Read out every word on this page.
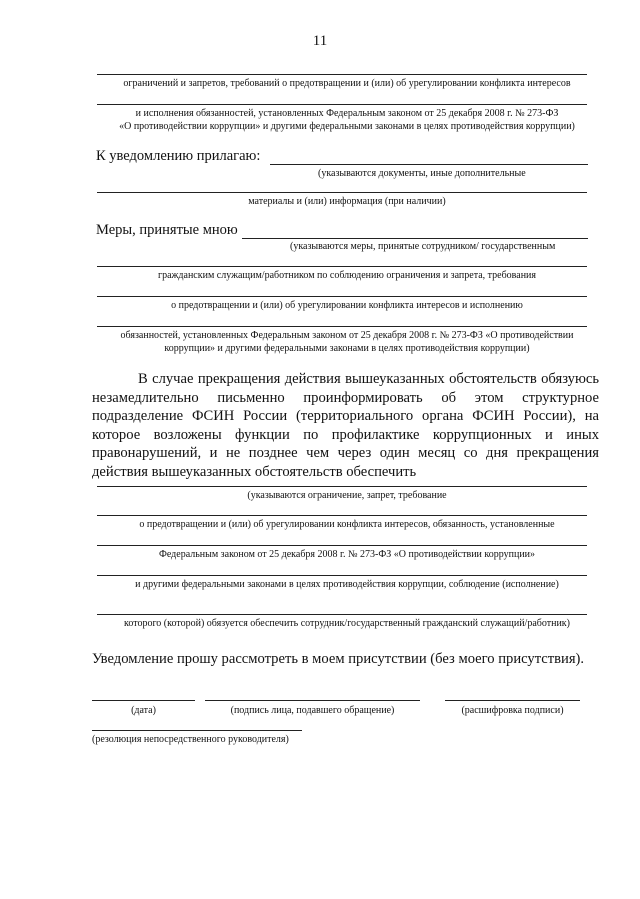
11
ограничений и запретов, требований о предотвращении и (или) об урегулировании конфликта интересов
и исполнения обязанностей, установленных Федеральным законом от 25 декабря 2008 г. № 273-ФЗ
«О противодействии коррупции» и другими федеральными законами в целях противодействия коррупции)
К уведомлению прилагаю:
(указываются документы, иные дополнительные
материалы и (или) информация (при наличии)
Меры, принятые мною
(указываются меры, принятые сотрудником/ государственным
гражданским служащим/работником по соблюдению ограничения и запрета, требования
о предотвращении и (или) об урегулировании конфликта интересов и исполнению
обязанностей, установленных Федеральным законом от 25 декабря 2008 г. № 273-ФЗ «О противодействии
коррупции» и другими федеральными законами в целях противодействия коррупции)
В случае прекращения действия вышеуказанных обстоятельств обязуюсь незамедлительно письменно проинформировать об этом структурное подразделение ФСИН России (территориального органа ФСИН России), на которое возложены функции по профилактике коррупционных и иных правонарушений, и не позднее чем через один месяц со дня прекращения действия вышеуказанных обстоятельств обеспечить
(указываются ограничение, запрет, требование
о предотвращении и (или) об урегулировании конфликта интересов, обязанность, установленные
Федеральным законом от 25 декабря 2008 г. № 273-ФЗ «О противодействии коррупции»
и другими федеральными законами в целях противодействия коррупции, соблюдение (исполнение)
которого (которой) обязуется обеспечить сотрудник/государственный гражданский служащий/работник)
Уведомление прошу рассмотреть в моем присутствии (без моего присутствия).
(дата)	(подпись лица, подавшего обращение)	(расшифровка подписи)
(резолюция непосредственного руководителя)
